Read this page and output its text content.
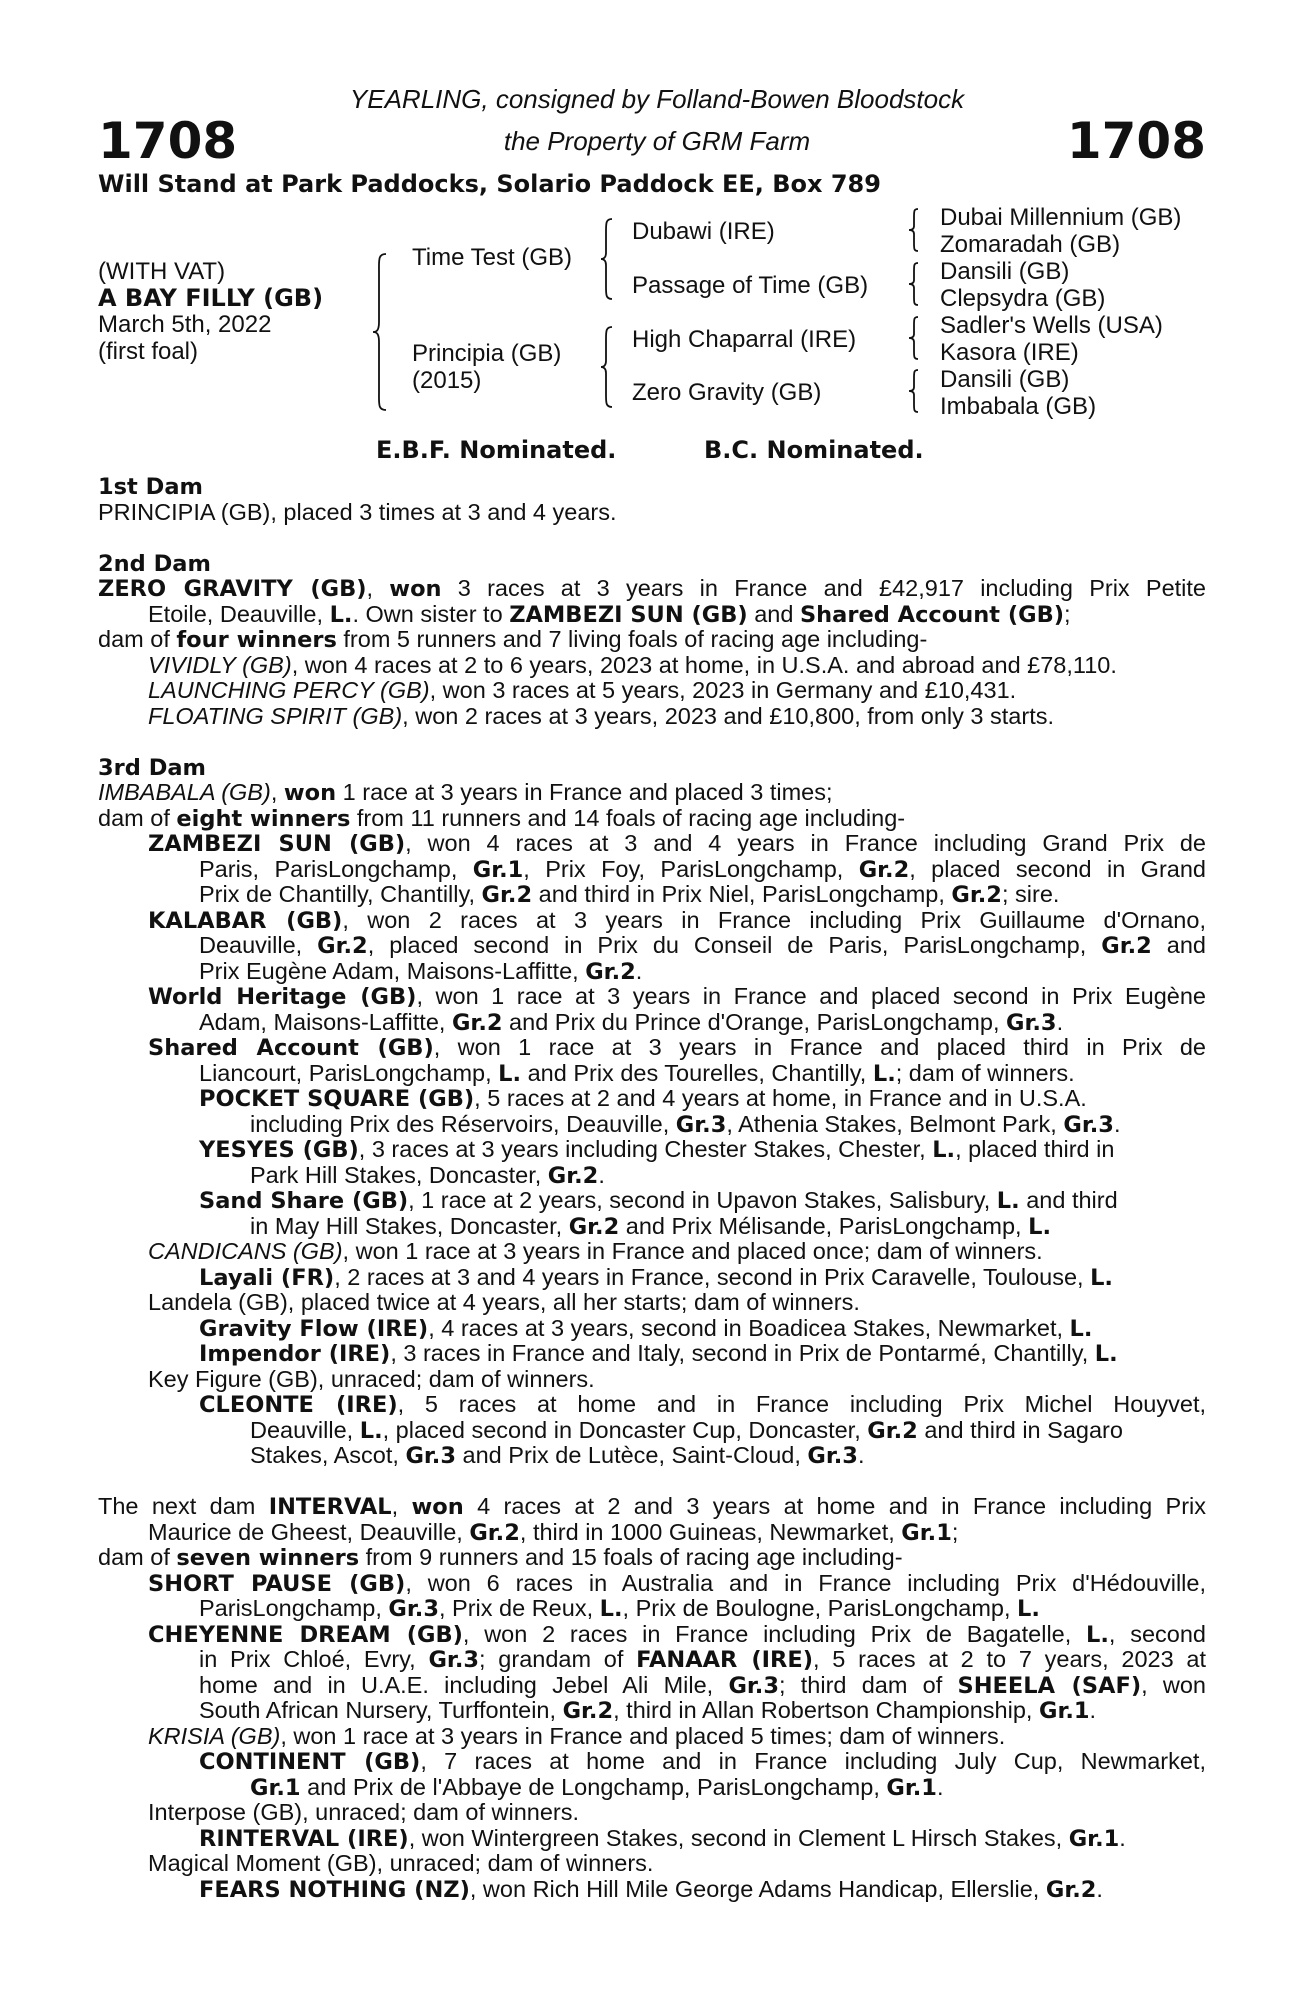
1708	1708
YEARLING, consigned by Folland-Bowen Bloodstock
the Property of GRM Farm
Will Stand at Park Paddocks, Solario Paddock EE, Box 789
(WITH VAT)
A BAY FILLY (GB)
March 5th, 2022
(first foal)
Time Test (GB)
Principia (GB)
(2015)
Dubawi (IRE)
Passage of Time (GB)
High Chaparral (IRE)
Zero Gravity (GB)
Dubai Millennium (GB)
Zomaradah (GB)
Dansili (GB)
Clepsydra (GB)
Sadler's Wells (USA)
Kasora (IRE)
Dansili (GB)
Imbabala (GB)
E.B.F. Nominated.	B.C. Nominated.
1st Dam
PRINCIPIA (GB), placed 3 times at 3 and 4 years.
2nd Dam
ZERO GRAVITY (GB), won 3 races at 3 years in France and £42,917 including Prix Petite
Etoile, Deauville, L.. Own sister to ZAMBEZI SUN (GB) and Shared Account (GB);
dam of four winners from 5 runners and 7 living foals of racing age including-
VIVIDLY (GB), won 4 races at 2 to 6 years, 2023 at home, in U.S.A. and abroad and £78,110.
LAUNCHING PERCY (GB), won 3 races at 5 years, 2023 in Germany and £10,431.
FLOATING SPIRIT (GB), won 2 races at 3 years, 2023 and £10,800, from only 3 starts.
3rd Dam
IMBABALA (GB), won 1 race at 3 years in France and placed 3 times;
dam of eight winners from 11 runners and 14 foals of racing age including-
ZAMBEZI SUN (GB), won 4 races at 3 and 4 years in France including Grand Prix de
Paris, ParisLongchamp, Gr.1, Prix Foy, ParisLongchamp, Gr.2, placed second in Grand
Prix de Chantilly, Chantilly, Gr.2 and third in Prix Niel, ParisLongchamp, Gr.2; sire.
KALABAR (GB), won 2 races at 3 years in France including Prix Guillaume d'Ornano,
Deauville, Gr.2, placed second in Prix du Conseil de Paris, ParisLongchamp, Gr.2 and
Prix Eugène Adam, Maisons-Laffitte, Gr.2.
World Heritage (GB), won 1 race at 3 years in France and placed second in Prix Eugène
Adam, Maisons-Laffitte, Gr.2 and Prix du Prince d'Orange, ParisLongchamp, Gr.3.
Shared Account (GB), won 1 race at 3 years in France and placed third in Prix de
Liancourt, ParisLongchamp, L. and Prix des Tourelles, Chantilly, L.; dam of winners.
POCKET SQUARE (GB), 5 races at 2 and 4 years at home, in France and in U.S.A.
including Prix des Réservoirs, Deauville, Gr.3, Athenia Stakes, Belmont Park, Gr.3.
YESYES (GB), 3 races at 3 years including Chester Stakes, Chester, L., placed third in
Park Hill Stakes, Doncaster, Gr.2.
Sand Share (GB), 1 race at 2 years, second in Upavon Stakes, Salisbury, L. and third
in May Hill Stakes, Doncaster, Gr.2 and Prix Mélisande, ParisLongchamp, L.
CANDICANS (GB), won 1 race at 3 years in France and placed once; dam of winners.
Layali (FR), 2 races at 3 and 4 years in France, second in Prix Caravelle, Toulouse, L.
Landela (GB), placed twice at 4 years, all her starts; dam of winners.
Gravity Flow (IRE), 4 races at 3 years, second in Boadicea Stakes, Newmarket, L.
Impendor (IRE), 3 races in France and Italy, second in Prix de Pontarmé, Chantilly, L.
Key Figure (GB), unraced; dam of winners.
CLEONTE (IRE), 5 races at home and in France including Prix Michel Houyvet,
Deauville, L., placed second in Doncaster Cup, Doncaster, Gr.2 and third in Sagaro
Stakes, Ascot, Gr.3 and Prix de Lutèce, Saint-Cloud, Gr.3.
The next dam INTERVAL, won 4 races at 2 and 3 years at home and in France including Prix
Maurice de Gheest, Deauville, Gr.2, third in 1000 Guineas, Newmarket, Gr.1;
dam of seven winners from 9 runners and 15 foals of racing age including-
SHORT PAUSE (GB), won 6 races in Australia and in France including Prix d'Hédouville,
ParisLongchamp, Gr.3, Prix de Reux, L., Prix de Boulogne, ParisLongchamp, L.
CHEYENNE DREAM (GB), won 2 races in France including Prix de Bagatelle, L., second
in Prix Chloé, Evry, Gr.3; grandam of FANAAR (IRE), 5 races at 2 to 7 years, 2023 at
home and in U.A.E. including Jebel Ali Mile, Gr.3; third dam of SHEELA (SAF), won
South African Nursery, Turffontein, Gr.2, third in Allan Robertson Championship, Gr.1.
KRISIA (GB), won 1 race at 3 years in France and placed 5 times; dam of winners.
CONTINENT (GB), 7 races at home and in France including July Cup, Newmarket,
Gr.1 and Prix de l'Abbaye de Longchamp, ParisLongchamp, Gr.1.
Interpose (GB), unraced; dam of winners.
RINTERVAL (IRE), won Wintergreen Stakes, second in Clement L Hirsch Stakes, Gr.1.
Magical Moment (GB), unraced; dam of winners.
FEARS NOTHING (NZ), won Rich Hill Mile George Adams Handicap, Ellerslie, Gr.2.
